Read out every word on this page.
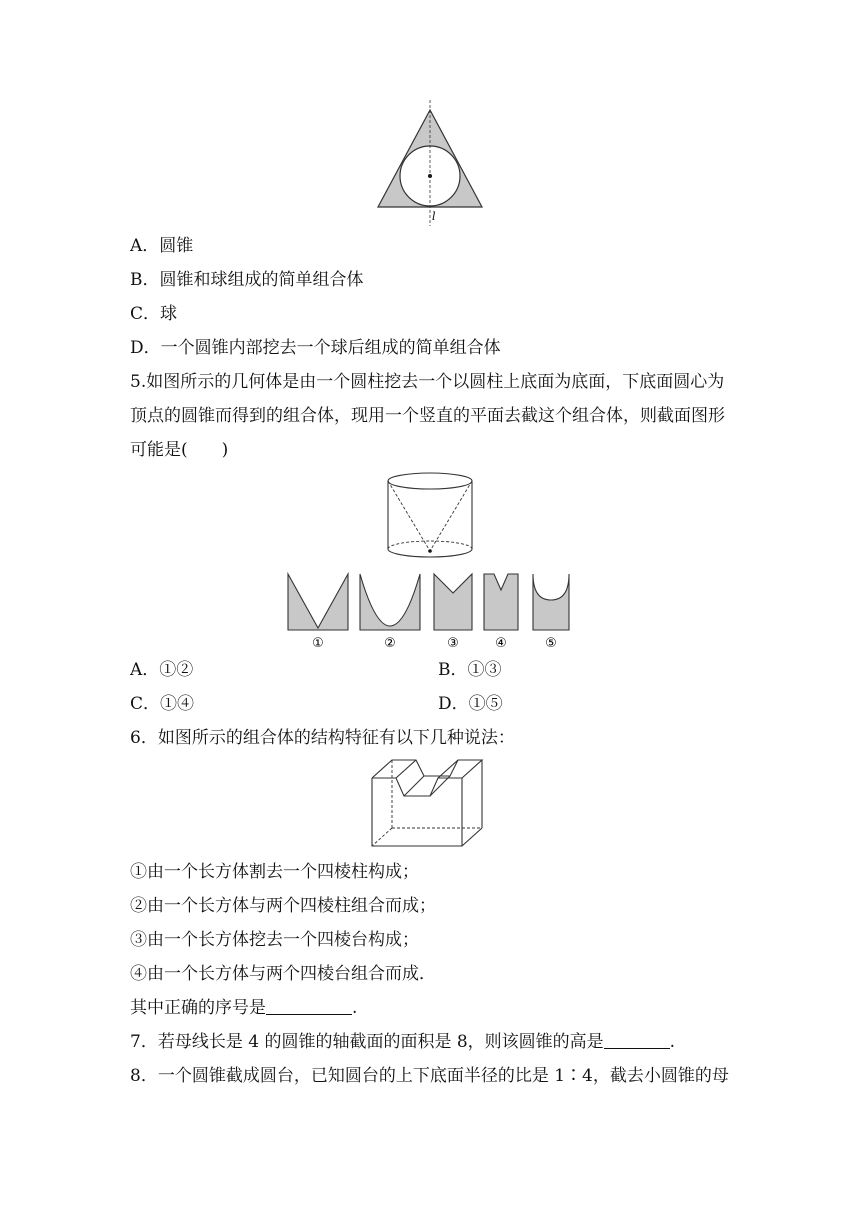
l
A．圆锥
B．圆锥和球组成的简单组合体
C．球
D．一个圆锥内部挖去一个球后组成的简单组合体
5.如图所示的几何体是由一个圆柱挖去一个以圆柱上底面为底面，下底面圆心为
顶点的圆锥而得到的组合体，现用一个竖直的平面去截这个组合体，则截面图形
可能是(　　)
①	②	③	④	⑤
A．①②	B．①③
C．①④	D．①⑤
6．如图所示的组合体的结构特征有以下几种说法：
①由一个长方体割去一个四棱柱构成；
②由一个长方体与两个四棱柱组合而成；
③由一个长方体挖去一个四棱台构成；
④由一个长方体与两个四棱台组合而成．
其中正确的序号是	.
7．若母线长是 4 的圆锥的轴截面的面积是 8，则该圆锥的高是	.
8．一个圆锥截成圆台，已知圆台的上下底面半径的比是 1∶4，截去小圆锥的母
